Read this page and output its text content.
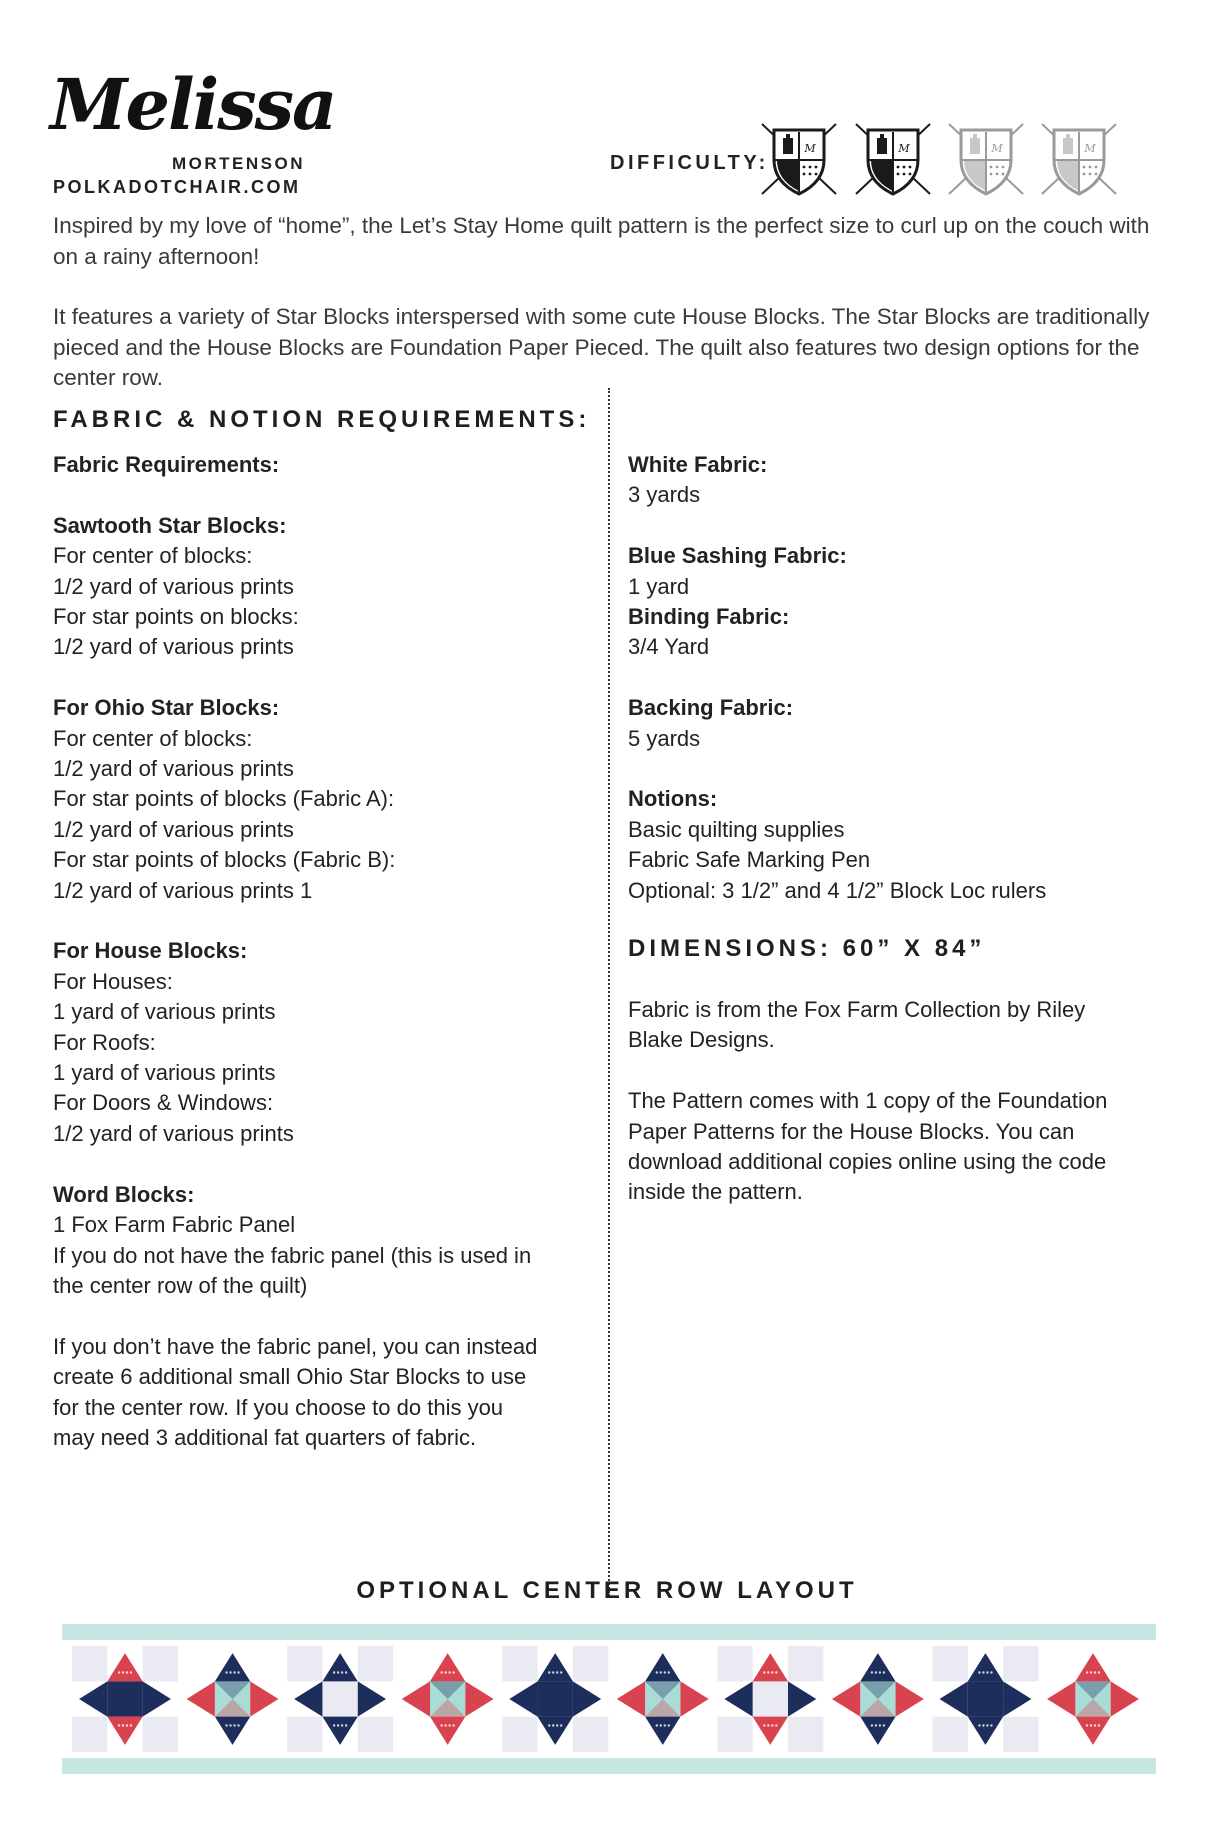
Melissa
MORTENSON
POLKADOTCHAIR.COM
DIFFICULTY:
M	M	M	M
Inspired by my love of “home”, the Let’s Stay Home quilt pattern is the perfect size to curl up on the couch with on a rainy afternoon!
It features a variety of Star Blocks interspersed with some cute House Blocks. The Star Blocks are traditionally pieced and the House Blocks are Foundation Paper Pieced. The quilt also features two design options for the center row.
FABRIC & NOTION REQUIREMENTS:
Fabric Requirements:
Sawtooth Star Blocks:
For center of blocks:
1/2 yard of various prints
For star points on blocks:
1/2 yard of various prints
For Ohio Star Blocks:
For center of blocks:
1/2 yard of various prints
For star points of blocks (Fabric A):
1/2 yard of various prints
For star points of blocks (Fabric B):
1/2 yard of various prints 1
For House Blocks:
For Houses:
1 yard of various prints
For Roofs:
1 yard of various prints
For Doors & Windows:
1/2 yard of various prints
Word Blocks:
1 Fox Farm Fabric Panel
If you do not have the fabric panel (this is used in
the center row of the quilt)
If you don’t have the fabric panel, you can instead
create 6 additional small Ohio Star Blocks to use
for the center row. If you choose to do this you
may need 3 additional fat quarters of fabric.
White Fabric:
3 yards
Blue Sashing Fabric:
1 yard
Binding Fabric:
3/4 Yard
Backing Fabric:
5 yards
Notions:
Basic quilting supplies
Fabric Safe Marking Pen
Optional: 3 1/2” and 4 1/2” Block Loc rulers
DIMENSIONS: 60” X 84”
Fabric is from the Fox Farm Collection by Riley
Blake Designs.
The Pattern comes with 1 copy of the Foundation
Paper Patterns for the House Blocks. You can
download additional copies online using the code
inside the pattern.
OPTIONAL CENTER ROW LAYOUT
